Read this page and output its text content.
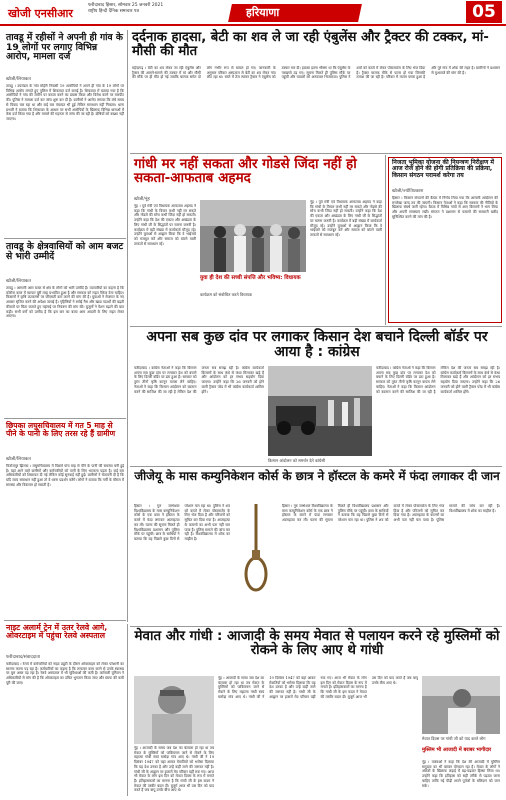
खोजी एनसीआर
फरीदाबाद हिसार, सोमवार 25 जनवरी 2021
राष्ट्रीय हिन्दी दैनिक समाचार पत्र	हरियाणा	05
तावडू में रहीसों ने अपनी ही गांव के 19 लोगों पर लगाए विभिन्न आरोप, मामला दर्ज
खोजी/लियाकत
तावडू । उपमंडल के गांव मोहेरी निवासी 19 आरोपियों ने अपने ही गांव के 19 लोगों पर विभिन्न आरोप लगाते हुए पुलिस में शिकायत दर्ज कराई है। शिकायत में बताया गया है कि आरोपियों ने गांव की जमीन पर कब्जा करने का प्रयास किया और विरोध करने पर मारपीट की। पुलिस ने मामला दर्ज कर जांच शुरू कर दी है। ग्रामीणों ने आरोप लगाया कि लंबे समय से विवाद चल रहा था और कई बार पंचायत भी हुई लेकिन समाधान नहीं निकला। थाना प्रभारी ने बताया कि शिकायत के आधार पर सभी आरोपियों के खिलाफ विभिन्न धाराओं में केस दर्ज किया गया है और मामले की गहनता से जांच की जा रही है। दोषियों को बख्शा नहीं जाएगा।
तावडू के क्षेत्रवासियों को आम बजट से भारी उम्मीदें
खोजी/लियाकत
तावडू । आगामी आम बजट से क्षेत्र के लोगों को भारी उम्मीदें हैं। व्यापारियों का कहना है कि कोरोना काल में व्यापार बुरी तरह प्रभावित हुआ है और सरकार को राहत पैकेज देना चाहिए। किसानों ने कृषि उपकरणों पर जीएसटी कम करने की मांग की है। युवाओं ने रोजगार के नए अवसर सृजित करने की अपेक्षा जताई है। गृहिणियों ने रसोई गैस और खाद्य पदार्थों की बढ़ती कीमतों पर चिंता जताते हुए महंगाई पर नियंत्रण की मांग की। बुजुर्गों ने पेंशन बढ़ाने की बात कही। सभी वर्गों को उम्मीद है कि इस बार का बजट आम आदमी के लिए राहत लेकर आएगा।
छिपका लघुसचिवालय में गत 5 माह से पीने के पानी के लिए तरस रहे हैं ग्रामीण
खोजी/लियाकत
फिरोजपुर झिरका । लघुसचिवालय में पिछले पांच माह से पीने के पानी की समस्या बनी हुई है। यहां आने वाले ग्रामीणों और कर्मचारियों को पानी के लिए भटकना पड़ता है। कई बार अधिकारियों को शिकायत दी गई लेकिन कोई सुनवाई नहीं हुई। ग्रामीणों ने चेतावनी दी है कि यदि जल्द समाधान नहीं हुआ तो वे धरना प्रदर्शन करेंगे। लोगों ने बताया कि गर्मी के मौसम में समस्या और विकराल हो सकती है।
दर्दनाक हादसा, बेटी का शव ले जा रही एंबुलेंस और ट्रैक्टर की टक्कर, मां-मौसी की मौत
महेन्द्रगढ़ । बेटी का शव लेकर जा रही एंबुलेंस और ट्रैक्टर की आमने-सामने की टक्कर में मां और मौसी की मौके पर ही मौत हो गई जबकि चालक समेत दो लोग गंभीर रूप से घायल हो गए। जानकारी के अनुसार परिवार अस्पताल से बेटी का शव लेकर गांव लौट रहा था। रास्ते में तेज रफ्तार ट्रैक्टर ने एंबुलेंस को टक्कर मार दी। हादसा इतना भीषण था कि एंबुलेंस के परखच्चे उड़ गए। सूचना मिलते ही पुलिस मौके पर पहुंची और घायलों को अस्पताल भिजवाया। पुलिस ने शवों को कब्जे में लेकर पोस्टमार्टम के लिए भेज दिया है। ट्रैक्टर चालक मौके से फरार हो गया जिसकी तलाश की जा रही है। परिवार में मातम पसरा हुआ है और पूरे गांव में शोक की लहर है। ग्रामीणों ने प्रशासन से मुआवजे की मांग की है।
गांधी मर नहीं सकता और गोडसे जिंदा नहीं हो सकता-आफताब अहमद
खोजी/नूंह
नूंह । पूर्व मंत्री एवं विधायक आफताब अहमद ने कहा कि गांधी के विचार कभी नहीं मर सकते और गोडसे की सोच कभी जिंदा नहीं हो सकती। उन्होंने कहा कि देश की एकता और अखंडता के लिए गांधी जी के सिद्धांतों पर चलना जरूरी है। कार्यक्रम में बड़ी संख्या में कार्यकर्ता मौजूद रहे। उन्होंने युवाओं से आह्वान किया कि वे भाईचारे को मजबूत करें और समाज को बांटने वाली ताकतों से सावधान रहें।
नूंह । पूर्व मंत्री एवं विधायक आफताब अहमद ने कहा कि गांधी के विचार कभी नहीं मर सकते और गोडसे की सोच कभी जिंदा नहीं हो सकती। उन्होंने कहा कि देश की एकता और अखंडता के लिए गांधी जी के सिद्धांतों पर चलना जरूरी है। कार्यक्रम में बड़ी संख्या में कार्यकर्ता मौजूद रहे। उन्होंने युवाओं से आह्वान किया कि वे भाईचारे को मजबूत करें और समाज को बांटने वाली ताकतों से सावधान रहें।
युवा ही देश की सच्ची संपत्ति और भविष्य: विधायक
कार्यक्रम को संबोधित करते विधायक
निजता भूमिका योजना की नियन्त्रण निरीक्षण में आज रोज होने की होगी प्रतिक्रिया की प्रक्रिया, किसान संगठन परामर्श करेगा तय
खोजी/ज्योतिप्रकाश
हिसार । किसान संगठनों की बैठक में निर्णय लिया गया कि आगामी आंदोलन की रूपरेखा जल्द तय की जाएगी। किसान नेताओं ने कहा कि सरकार की नीतियों के खिलाफ संघर्ष जारी रहेगा। बैठक में विभिन्न गांवों से आए किसानों ने भाग लिया और अपनी समस्याएं रखीं। संगठन ने प्रशासन से फसलों की सरकारी खरीद सुनिश्चित करने की मांग की है।
अपना सब कुछ दांव पर लगाकर किसान देश बचाने दिल्ली बॉर्डर पर आया है : कांग्रेस
फरीदाबाद । कांग्रेस नेताओं ने कहा कि किसान अपना सब कुछ दांव पर लगाकर देश को बचाने के लिए दिल्ली बॉर्डर पर डटा हुआ है। सरकार को तुरंत तीनों कृषि कानून वापस लेने चाहिए। नेताओं ने कहा कि किसान आंदोलन को बदनाम करने की साजिश की जा रही है लेकिन देश की जनता सब समझ रही है। कांग्रेस कार्यकर्ता किसानों के साथ कंधे से कंधा मिलाकर खड़े हैं और आंदोलन को हर संभव सहयोग दिया जाएगा। उन्होंने कहा कि 26 जनवरी को होने वाली ट्रैक्टर परेड में भी कांग्रेस कार्यकर्ता शामिल होंगे।
किसान आंदोलन को समर्थन देते कांग्रेसी
फरीदाबाद । कांग्रेस नेताओं ने कहा कि किसान अपना सब कुछ दांव पर लगाकर देश को बचाने के लिए दिल्ली बॉर्डर पर डटा हुआ है। सरकार को तुरंत तीनों कृषि कानून वापस लेने चाहिए। नेताओं ने कहा कि किसान आंदोलन को बदनाम करने की साजिश की जा रही है लेकिन देश की जनता सब समझ रही है। कांग्रेस कार्यकर्ता किसानों के साथ कंधे से कंधा मिलाकर खड़े हैं और आंदोलन को हर संभव सहयोग दिया जाएगा। उन्होंने कहा कि 26 जनवरी को होने वाली ट्रैक्टर परेड में भी कांग्रेस कार्यकर्ता शामिल होंगे।
जीजेयू के मास कम्युनिकेशन कोर्स के छात्र ने हॉस्टल के कमरे में फंदा लगाकर दी जान
हिसार । गुरु जम्भेश्वर विश्वविद्यालय के मास कम्युनिकेशन कोर्स के एक छात्र ने हॉस्टल के कमरे में फंदा लगाकर आत्महत्या कर ली। घटना की सूचना मिलते ही विश्वविद्यालय प्रशासन और पुलिस मौके पर पहुंची। छात्र के साथियों ने बताया कि वह पिछले कुछ दिनों से परेशान चल रहा था। पुलिस ने शव को कब्जे में लेकर पोस्टमार्टम के लिए भेज दिया है और परिजनों को सूचित कर दिया गया है। आत्महत्या के कारणों का अभी पता नहीं चल पाया है। पुलिस मामले की जांच कर रही है। विश्वविद्यालय में शोक का माहौल है।
हिसार । गुरु जम्भेश्वर विश्वविद्यालय के मास कम्युनिकेशन कोर्स के एक छात्र ने हॉस्टल के कमरे में फंदा लगाकर आत्महत्या कर ली। घटना की सूचना मिलते ही विश्वविद्यालय प्रशासन और पुलिस मौके पर पहुंची। छात्र के साथियों ने बताया कि वह पिछले कुछ दिनों से परेशान चल रहा था। पुलिस ने शव को कब्जे में लेकर पोस्टमार्टम के लिए भेज दिया है और परिजनों को सूचित कर दिया गया है। आत्महत्या के कारणों का अभी पता नहीं चल पाया है। पुलिस मामले की जांच कर रही है। विश्वविद्यालय में शोक का माहौल है।
नाइट अलार्म ट्रेन में उतर रेलवे आगे, ओवरटाइम में पहुंचा रेलवे अस्पताल
फरीदाबाद/संवाददाता
फरीदाबाद । रेलवे में कर्मचारियों को नाइट ड्यूटी के दौरान ओवरटाइम को लेकर परेशानी का सामना करना पड़ रहा है। कर्मचारियों का कहना है कि लगातार काम करने से उनके स्वास्थ्य पर बुरा असर पड़ रहा है। रेलवे अस्पताल में भी सुविधाओं की कमी है। कर्मचारी यूनियन ने अधिकारियों से मांग की है कि ओवरटाइम का उचित भुगतान किया जाए और स्टाफ की कमी पूरी की जाए।
मेवात और गांधी : आजादी के समय मेवात से पलायन करने रहे मुस्लिमों को रोकने के लिए आए थे गांधी
नूंह । आजादी के समय जब देश का बंटवारा हो रहा था तब मेवात के मुस्लिमों को पाकिस्तान जाने से रोकने के लिए महात्मा गांधी स्वयं घासेड़ा गांव आए थे। गांधी जी ने 19 दिसंबर 1947 को यहां आकर मेवातियों को भरोसा दिलाया कि यह देश उनका है और उन्हें कहीं जाने की जरूरत नहीं है। गांधी जी के आह्वान पर हजारों मेव परिवार यहीं रुक गए। आज भी मेवात के लोग इस दिन को मेवात दिवस के रूप में मनाते हैं। इतिहासकारों का मानना है कि गांधी जी के इस कदम ने मेवात की तस्वीर बदल दी। बुजुर्ग आज भी उस दिन को याद करते हैं जब बापू उनके बीच आए थे।
नूंह । आजादी के समय जब देश का बंटवारा हो रहा था तब मेवात के मुस्लिमों को पाकिस्तान जाने से रोकने के लिए महात्मा गांधी स्वयं घासेड़ा गांव आए थे। गांधी जी ने 19 दिसंबर 1947 को यहां आकर मेवातियों को भरोसा दिलाया कि यह देश उनका है और उन्हें कहीं जाने की जरूरत नहीं है। गांधी जी के आह्वान पर हजारों मेव परिवार यहीं रुक गए। आज भी मेवात के लोग इस दिन को मेवात दिवस के रूप में मनाते हैं। इतिहासकारों का मानना है कि गांधी जी के इस कदम ने मेवात की तस्वीर बदल दी। बुजुर्ग आज भी उस दिन को याद करते हैं जब बापू उनके बीच आए थे।
मेवात दिवस पर गांधी जी को याद करते लोग
मुस्लिम भी आजादी में बराबर भागीदार
नूंह । वक्ताओं ने कहा कि देश की आजादी में मुस्लिम समुदाय का भी बराबर योगदान रहा है। मेवात के लोगों ने अंग्रेजों के खिलाफ लड़ाई में बढ़-चढ़कर हिस्सा लिया था। उन्होंने कहा कि इतिहास को सही तरीके से पढ़ाया जाना चाहिए ताकि नई पीढ़ी अपने पूर्वजों के बलिदान को जान सके।
